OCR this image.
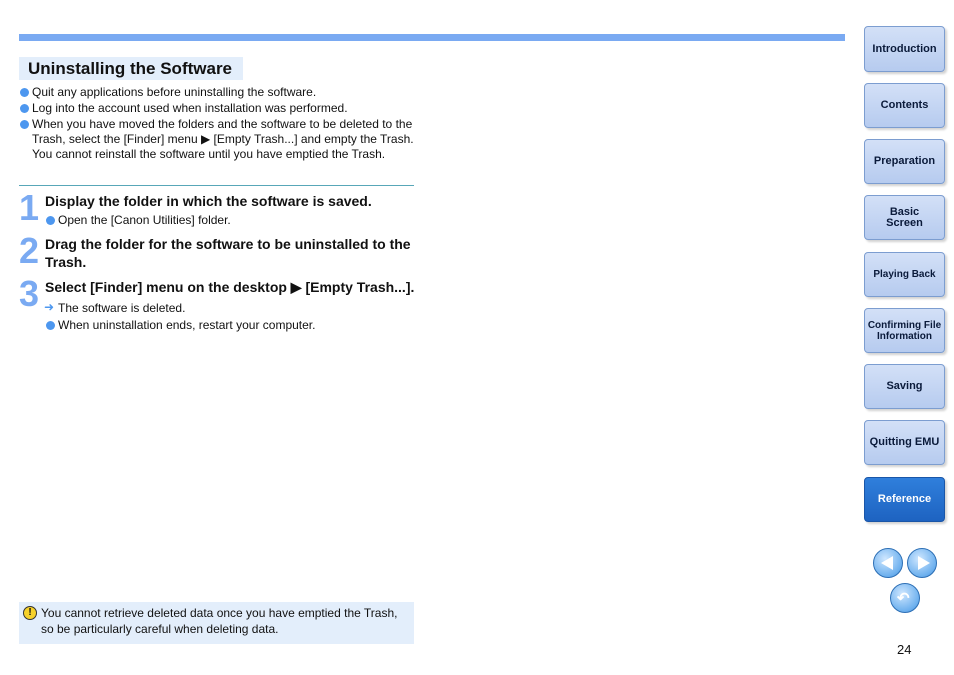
Uninstalling the Software
Quit any applications before uninstalling the software.
Log into the account used when installation was performed.
When you have moved the folders and the software to be deleted to the Trash, select the [Finder] menu ▶ [Empty Trash...] and empty the Trash. You cannot reinstall the software until you have emptied the Trash.
1 Display the folder in which the software is saved.
Open the [Canon Utilities] folder.
2 Drag the folder for the software to be uninstalled to the Trash.
3 Select [Finder] menu on the desktop ▶ [Empty Trash...].
➜ The software is deleted.
When uninstallation ends, restart your computer.
! You cannot retrieve deleted data once you have emptied the Trash, so be particularly careful when deleting data.
Introduction
Contents
Preparation
Basic Screen
Playing Back
Confirming File Information
Saving
Quitting EMU
Reference
↶
24
